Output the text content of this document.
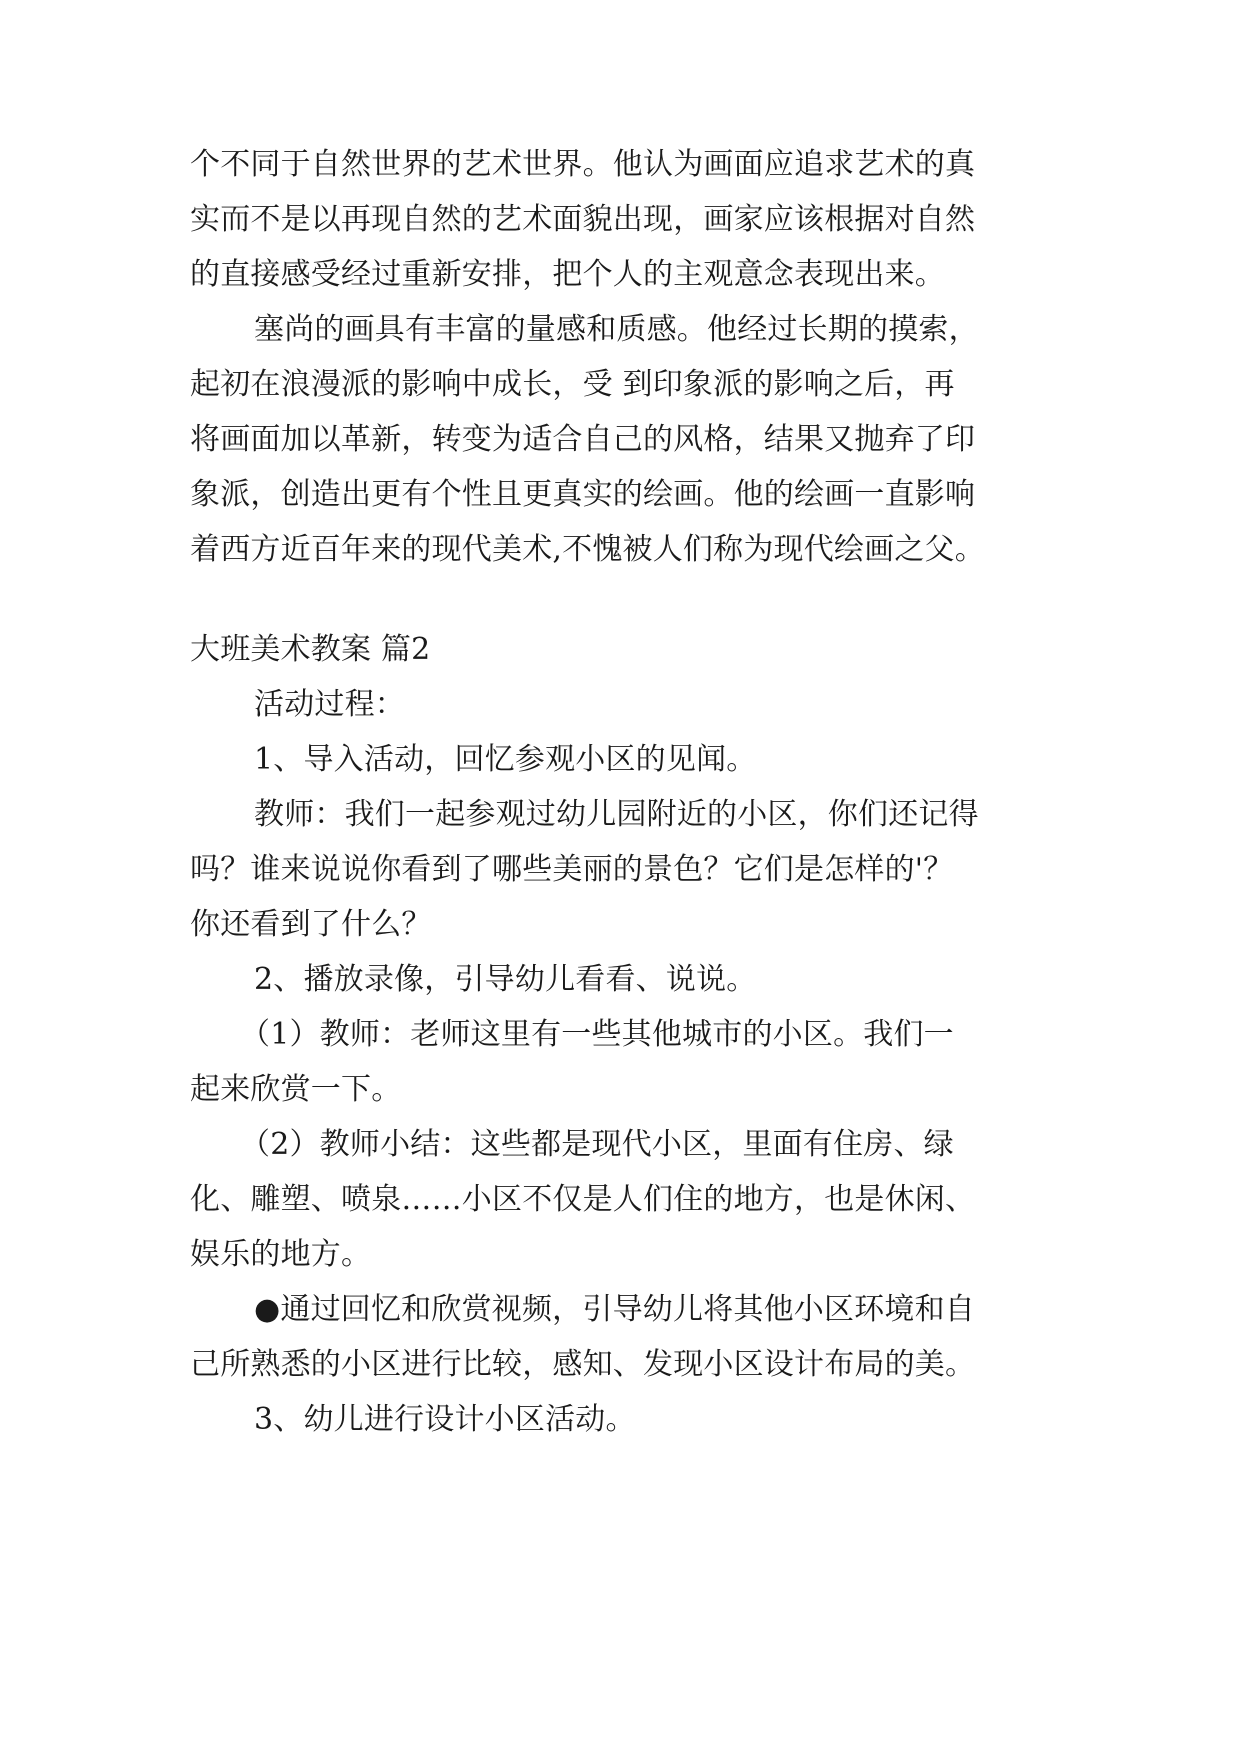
个不同于自然世界的艺术世界。他认为画面应追求艺术的真
实而不是以再现自然的艺术面貌出现，画家应该根据对自然
的直接感受经过重新安排，把个人的主观意念表现出来。
塞尚的画具有丰富的量感和质感。他经过长期的摸索，
起初在浪漫派的影响中成长，受 到印象派的影响之后，再
将画面加以革新，转变为适合自己的风格，结果又抛弃了印
象派，创造出更有个性且更真实的绘画。他的绘画一直影响
着西方近百年来的现代美术,不愧被人们称为现代绘画之父。
大班美术教案 篇2
活动过程：
1、导入活动，回忆参观小区的见闻。
教师：我们一起参观过幼儿园附近的小区，你们还记得
吗？谁来说说你看到了哪些美丽的景色？它们是怎样的'？
你还看到了什么？
2、播放录像，引导幼儿看看、说说。
（1）教师：老师这里有一些其他城市的小区。我们一
起来欣赏一下。
（2）教师小结：这些都是现代小区，里面有住房、绿
化、雕塑、喷泉……小区不仅是人们住的地方，也是休闲、
娱乐的地方。
●通过回忆和欣赏视频，引导幼儿将其他小区环境和自
己所熟悉的小区进行比较，感知、发现小区设计布局的美。
3、幼儿进行设计小区活动。
